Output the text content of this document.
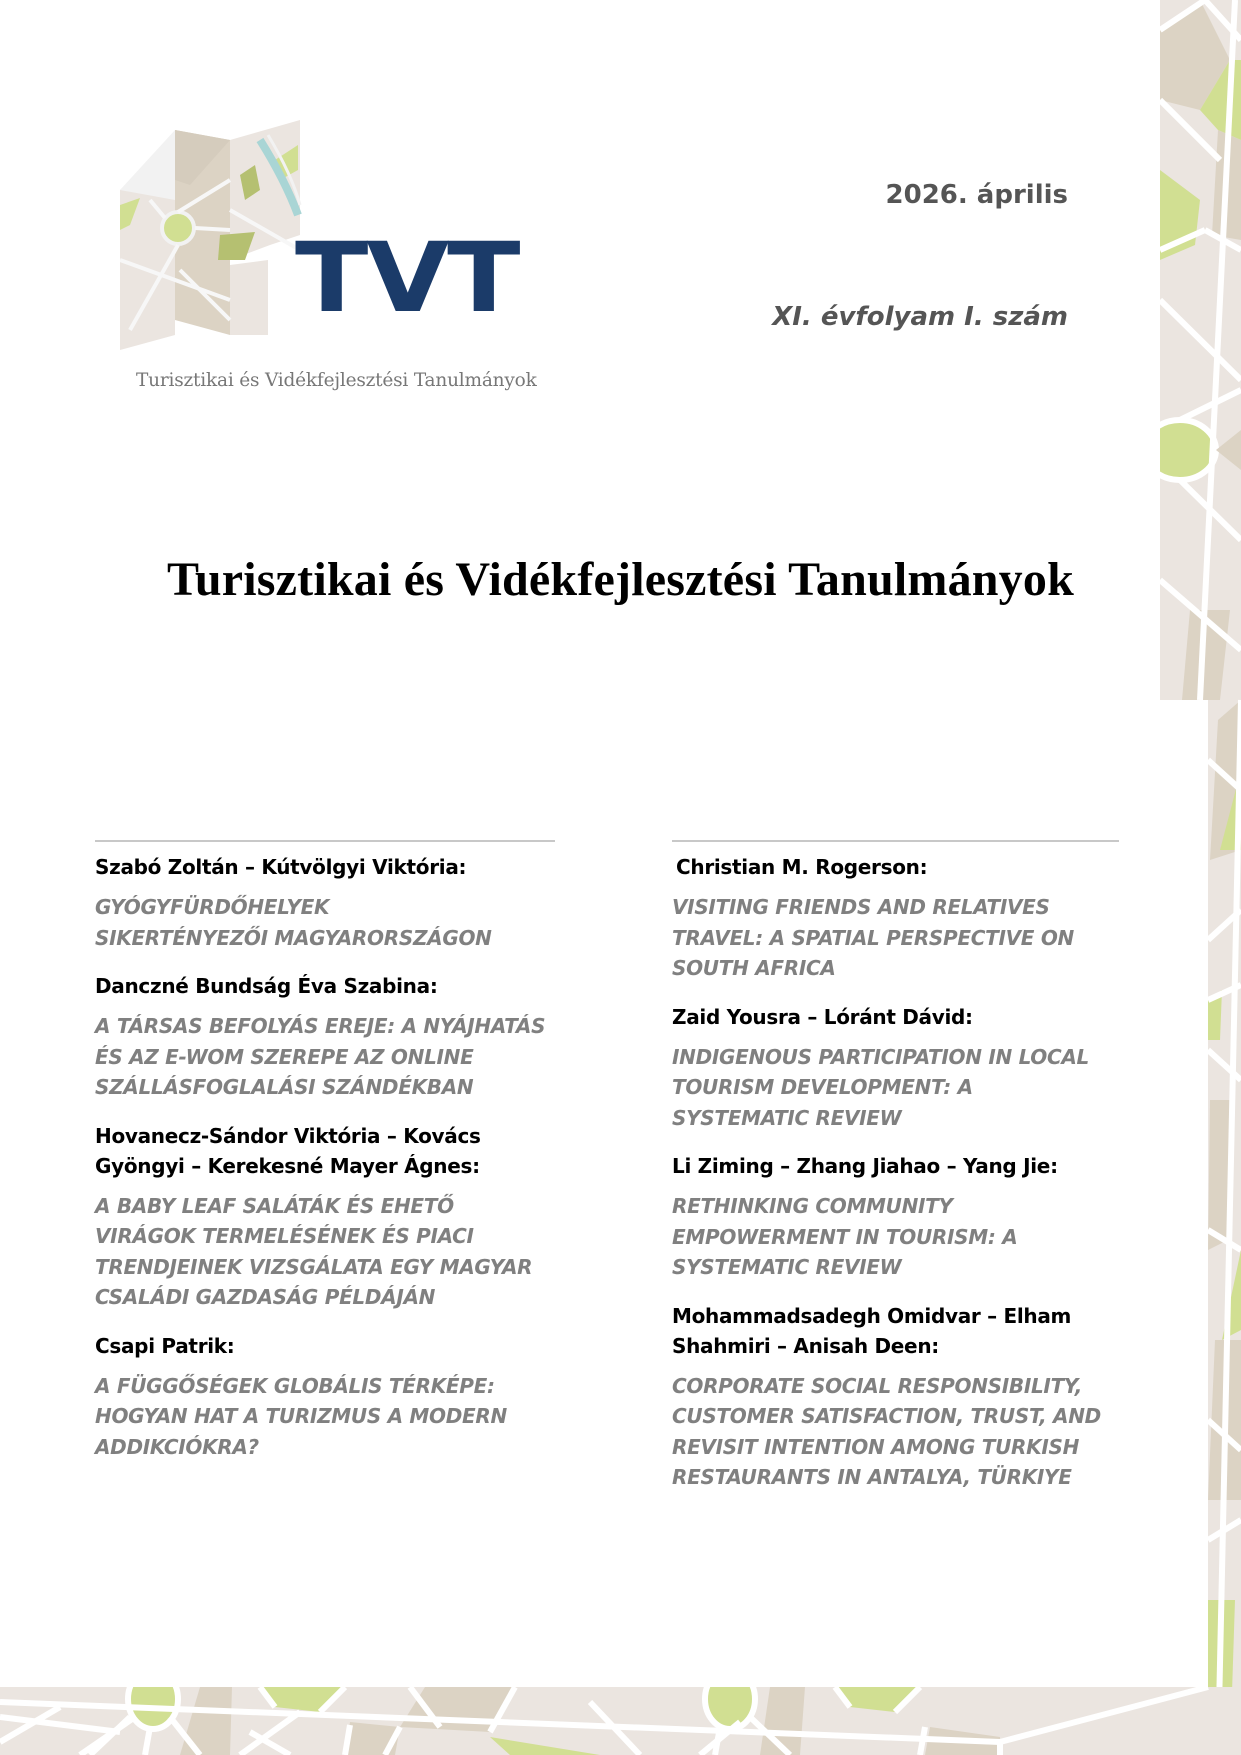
TVT
Turisztikai és Vidékfejlesztési Tanulmányok
2026. április
XI. évfolyam I. szám
Turisztikai és Vidékfejlesztési Tanulmányok
Szabó Zoltán – Kútvölgyi Viktória:
GYÓGYFÜRDŐHELYEK SIKERTÉNYEZŐI MAGYARORSZÁGON
Danczné Bundság Éva Szabina:
A TÁRSAS BEFOLYÁS EREJE: A NYÁJHATÁS ÉS AZ E-WOM SZEREPE AZ ONLINE SZÁLLÁSFOGLALÁSI SZÁNDÉKBAN
Hovanecz-Sándor Viktória – Kovács Gyöngyi – Kerekesné Mayer Ágnes:
A BABY LEAF SALÁTÁK ÉS EHETŐ VIRÁGOK TERMELÉSÉNEK ÉS PIACI TRENDJEINEK VIZSGÁLATA EGY MAGYAR CSALÁDI GAZDASÁG PÉLDÁJÁN
Csapi Patrik:
A FÜGGŐSÉGEK GLOBÁLIS TÉRKÉPE: HOGYAN HAT A TURIZMUS A MODERN ADDIKCIÓKRA?
Christian M. Rogerson:
VISITING FRIENDS AND RELATIVES TRAVEL: A SPATIAL PERSPECTIVE ON SOUTH AFRICA
Zaid Yousra – Lóránt Dávid:
INDIGENOUS PARTICIPATION IN LOCAL TOURISM DEVELOPMENT: A SYSTEMATIC REVIEW
Li Ziming – Zhang Jiahao – Yang Jie:
RETHINKING COMMUNITY EMPOWERMENT IN TOURISM: A SYSTEMATIC REVIEW
Mohammadsadegh Omidvar – Elham Shahmiri – Anisah Deen:
CORPORATE SOCIAL RESPONSIBILITY, CUSTOMER SATISFACTION, TRUST, AND REVISIT INTENTION AMONG TURKISH RESTAURANTS IN ANTALYA, TÜRKIYE
